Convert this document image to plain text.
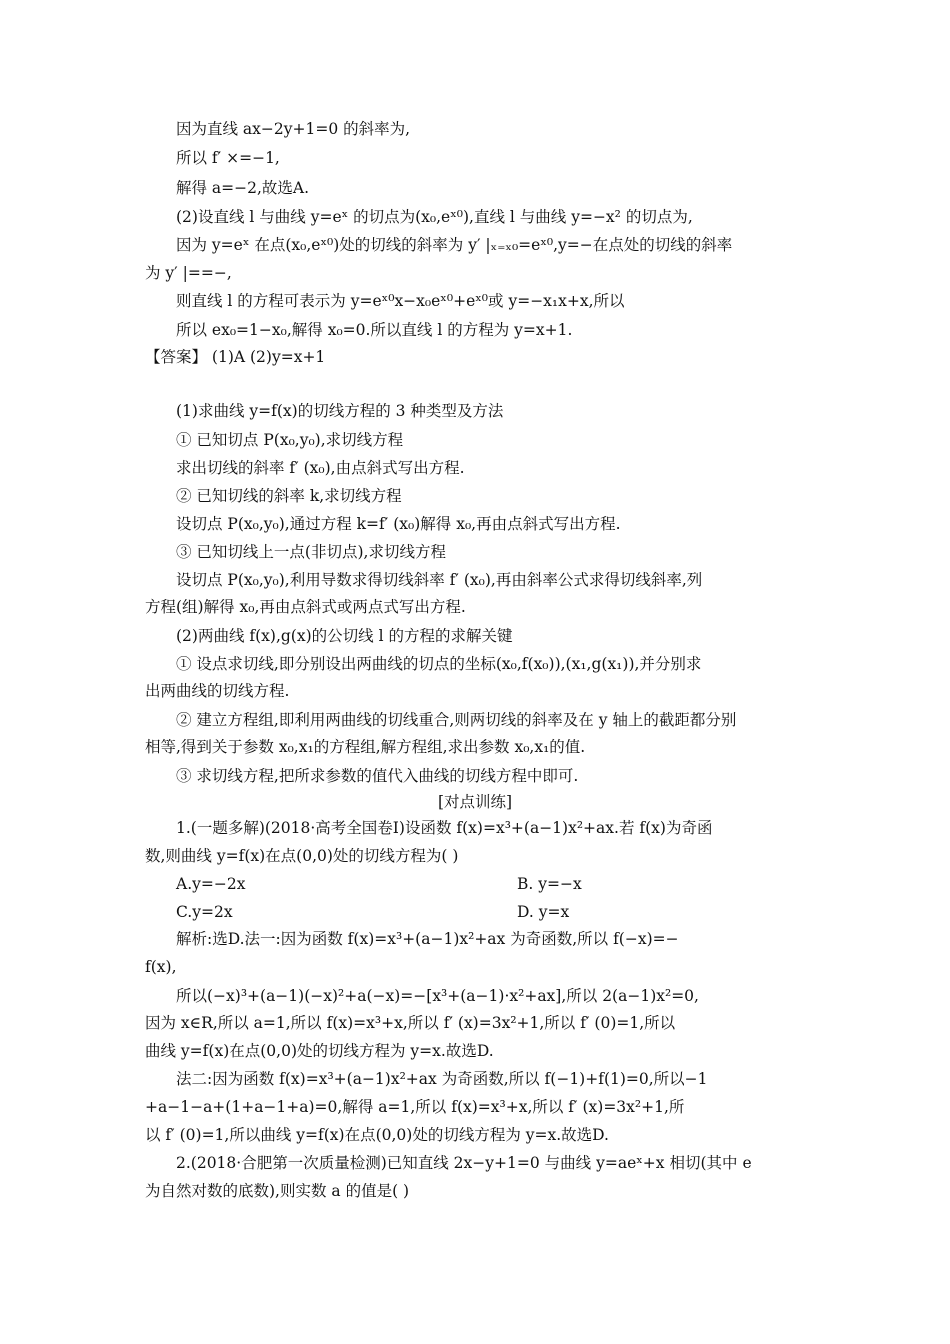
因为直线 ax−2y+1=0 的斜率为,
所以 f′ ×=−1,
解得 a=−2,故选A.
(2)设直线 l 与曲线 y=eˣ 的切点为(x₀,eˣ⁰),直线 l 与曲线 y=−x² 的切点为,
因为 y=eˣ 在点(x₀,eˣ⁰)处的切线的斜率为 y′ |ₓ₌ₓ₀=eˣ⁰,y=−在点处的切线的斜率
为 y′ |==−,
则直线 l 的方程可表示为 y=eˣ⁰x−x₀eˣ⁰+eˣ⁰或 y=−x₁x+x,所以
所以 ex₀=1−x₀,解得 x₀=0.所以直线 l 的方程为 y=x+1.
【答案】 (1)A (2)y=x+1
(1)求曲线 y=f(x)的切线方程的 3 种类型及方法
① 已知切点 P(x₀,y₀),求切线方程
求出切线的斜率 f′ (x₀),由点斜式写出方程.
② 已知切线的斜率 k,求切线方程
设切点 P(x₀,y₀),通过方程 k=f′ (x₀)解得 x₀,再由点斜式写出方程.
③ 已知切线上一点(非切点),求切线方程
设切点 P(x₀,y₀),利用导数求得切线斜率 f′ (x₀),再由斜率公式求得切线斜率,列
方程(组)解得 x₀,再由点斜式或两点式写出方程.
(2)两曲线 f(x),g(x)的公切线 l 的方程的求解关键
① 设点求切线,即分别设出两曲线的切点的坐标(x₀,f(x₀)),(x₁,g(x₁)),并分别求
出两曲线的切线方程.
② 建立方程组,即利用两曲线的切线重合,则两切线的斜率及在 y 轴上的截距都分别
相等,得到关于参数 x₀,x₁的方程组,解方程组,求出参数 x₀,x₁的值.
③ 求切线方程,把所求参数的值代入曲线的切线方程中即可.
[对点训练]
1.(一题多解)(2018·高考全国卷Ⅰ)设函数 f(x)=x³+(a−1)x²+ax.若 f(x)为奇函
数,则曲线 y=f(x)在点(0,0)处的切线方程为( )
A.y=−2x	B. y=−x
C.y=2x	D. y=x
解析:选D.法一:因为函数 f(x)=x³+(a−1)x²+ax 为奇函数,所以 f(−x)=−
f(x),
所以(−x)³+(a−1)(−x)²+a(−x)=−[x³+(a−1)·x²+ax],所以 2(a−1)x²=0,
因为 x∈R,所以 a=1,所以 f(x)=x³+x,所以 f′ (x)=3x²+1,所以 f′ (0)=1,所以
曲线 y=f(x)在点(0,0)处的切线方程为 y=x.故选D.
法二:因为函数 f(x)=x³+(a−1)x²+ax 为奇函数,所以 f(−1)+f(1)=0,所以−1
+a−1−a+(1+a−1+a)=0,解得 a=1,所以 f(x)=x³+x,所以 f′ (x)=3x²+1,所
以 f′ (0)=1,所以曲线 y=f(x)在点(0,0)处的切线方程为 y=x.故选D.
2.(2018·合肥第一次质量检测)已知直线 2x−y+1=0 与曲线 y=aeˣ+x 相切(其中 e
为自然对数的底数),则实数 a 的值是( )
